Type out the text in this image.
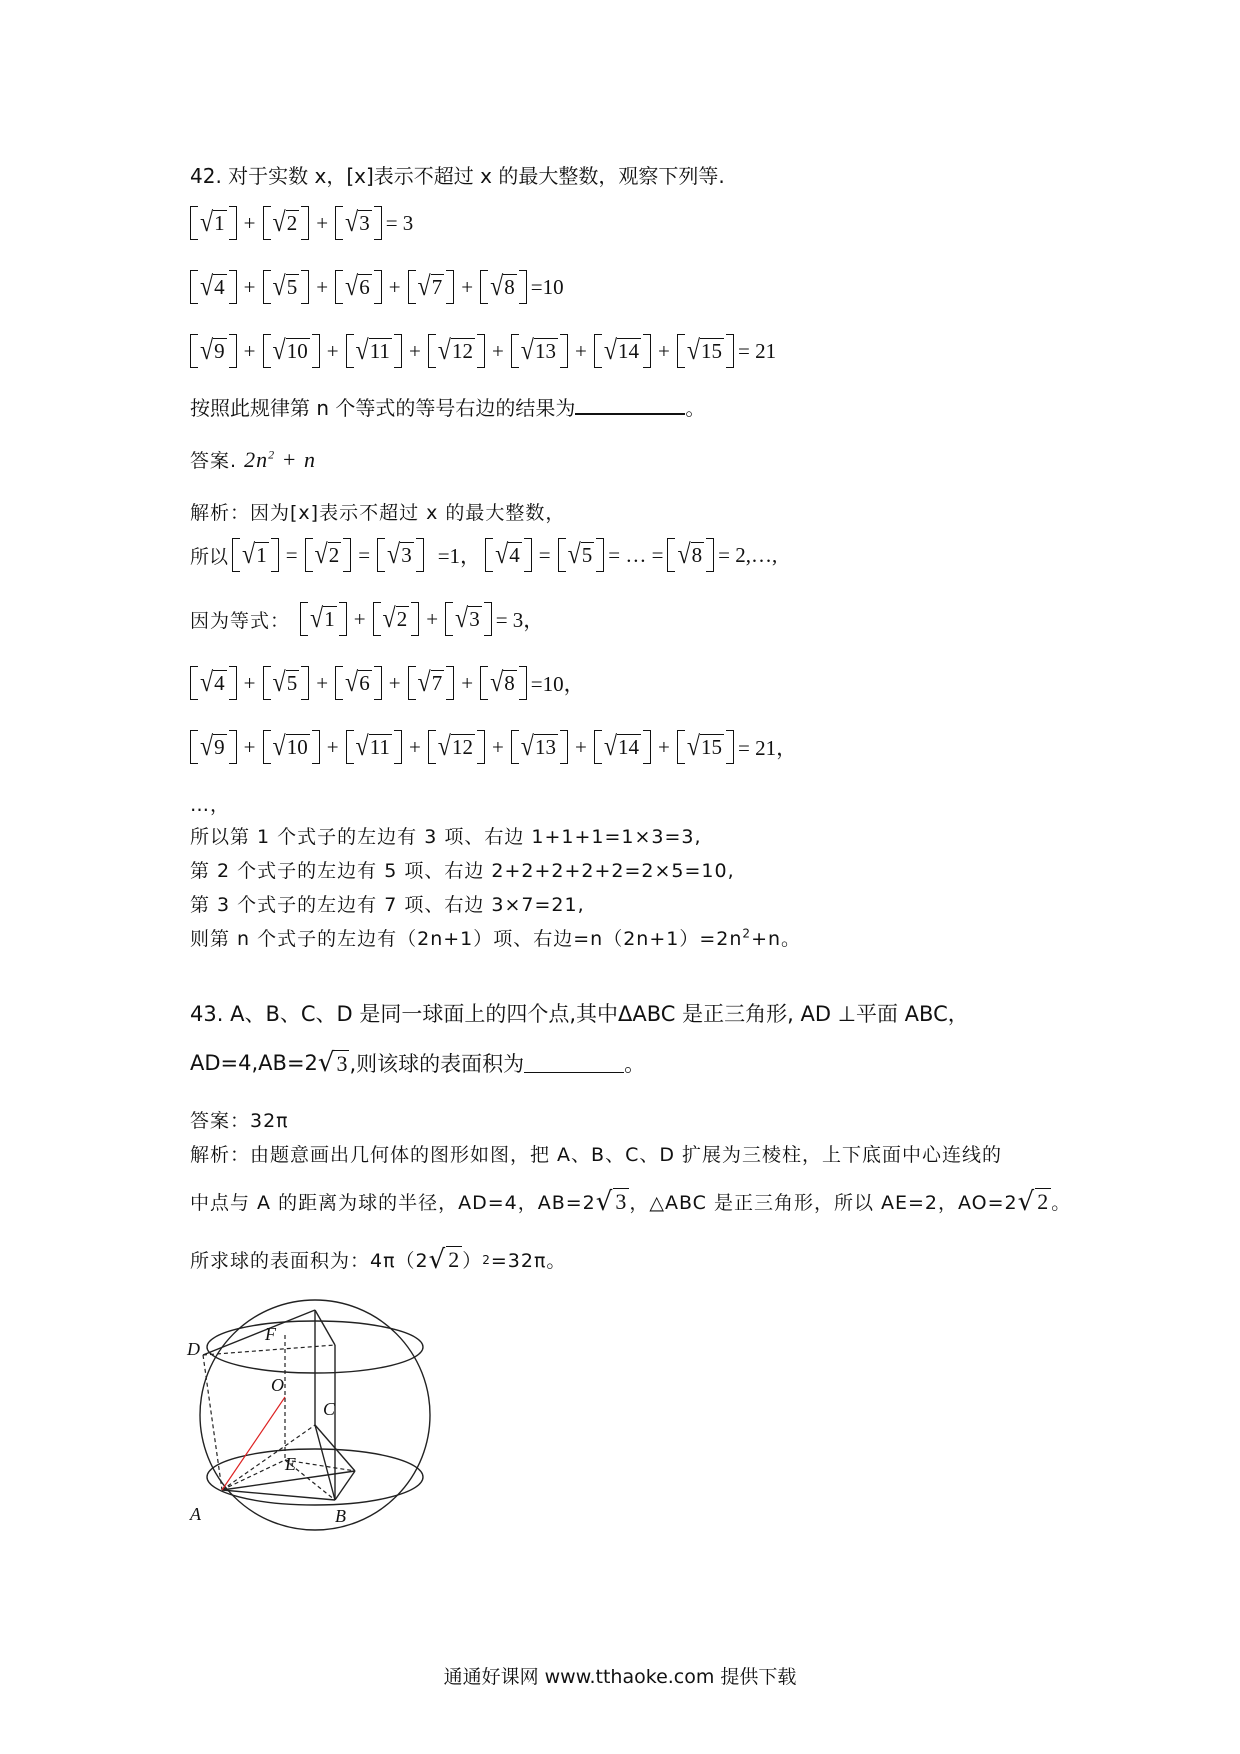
42. 对于实数 x，[x]表示不超过 x 的最大整数，观察下列等.
√ 1 + √ 2 + √ 3 = 3
√ 4 + √ 5 + √ 6 + √ 7 + √ 8 =10
√ 9 + √ 10 + √ 11 + √ 12 + √ 13 + √ 14 + √ 15 = 21
按照此规律第 n 个等式的等号右边的结果为	。
答案. $2n^2 + n$
解析：因为[x]表示不超过 x 的最大整数，
所以 √ 1 = √ 2 = √ 3 =1， √ 4 = √ 5 = … = √ 8 = 2,…,
因为等式： √ 1 + √ 2 + √ 3 = 3，
√ 4 + √ 5 + √ 6 + √ 7 + √ 8 =10，
√ 9 + √ 10 + √ 11 + √ 12 + √ 13 + √ 14 + √ 15 = 21，
…，
所以第 1 个式子的左边有 3 项、右边 1+1+1=1×3=3,
第 2 个式子的左边有 5 项、右边 2+2+2+2+2=2×5=10,
第 3 个式子的左边有 7 项、右边 3×7=21,
则第 n 个式子的左边有（2n+1）项、右边$=n(2n+1)=2n^2+n$。
43. A、B、C、D 是同一球面上的四个点,其中ΔABC 是正三角形, AD ⊥平面 ABC，
AD=4,AB=2 √ 3 ,则该球的表面积为	。
答案：32π
解析：由题意画出几何体的图形如图，把 A、B、C、D 扩展为三棱柱，上下底面中心连线的
中点与 A 的距离为球的半径，AD=4，AB=2 √ 3 ，△ABC 是正三角形，所以 AE=2，AO=2 √ 2 。
所求球的表面积为：4π（2 √ 2 ） 2 =32π。
D
F
O
C
E
A	B
通通好课网 www.tthaoke.com 提供下载
